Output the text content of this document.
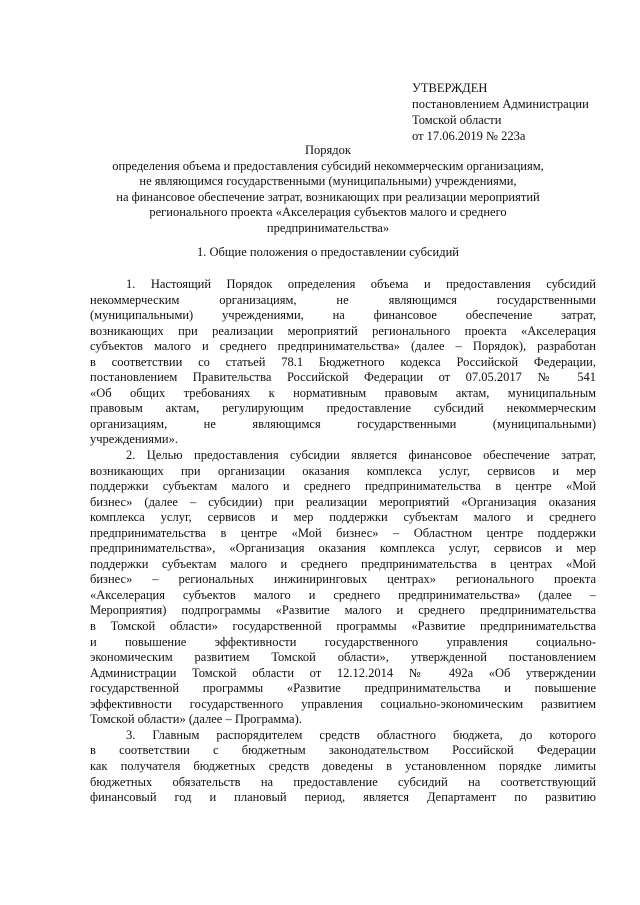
УТВЕРЖДЕН
постановлением Администрации
Томской области
от 17.06.2019 № 223а
Порядок
определения объема и предоставления субсидий некоммерческим организациям,
не являющимся государственными (муниципальными) учреждениями,
на финансовое обеспечение затрат, возникающих при реализации мероприятий
регионального проекта «Акселерация субъектов малого и среднего
предпринимательства»
1. Общие положения о предоставлении субсидий
1. Настоящий Порядок определения объема и предоставления субсидий
некоммерческим организациям, не являющимся государственными
(муниципальными) учреждениями, на финансовое обеспечение затрат,
возникающих при реализации мероприятий регионального проекта «Акселерация
субъектов малого и среднего предпринимательства» (далее – Порядок), разработан
в соответствии со статьей 78.1 Бюджетного кодекса Российской Федерации,
постановлением Правительства Российской Федерации от 07.05.2017 № 541
«Об общих требованиях к нормативным правовым актам, муниципальным
правовым актам, регулирующим предоставление субсидий некоммерческим
организациям, не являющимся государственными (муниципальными)
учреждениями».
2. Целью предоставления субсидии является финансовое обеспечение затрат,
возникающих при организации оказания комплекса услуг, сервисов и мер
поддержки субъектам малого и среднего предпринимательства в центре «Мой
бизнес» (далее – субсидии) при реализации мероприятий «Организация оказания
комплекса услуг, сервисов и мер поддержки субъектам малого и среднего
предпринимательства в центре «Мой бизнес» – Областном центре поддержки
предпринимательства», «Организация оказания комплекса услуг, сервисов и мер
поддержки субъектам малого и среднего предпринимательства в центрах «Мой
бизнес» – региональных инжиниринговых центрах» регионального проекта
«Акселерация субъектов малого и среднего предпринимательства» (далее –
Мероприятия) подпрограммы «Развитие малого и среднего предпринимательства
в Томской области» государственной программы «Развитие предпринимательства
и повышение эффективности государственного управления социально-
экономическим развитием Томской области», утвержденной постановлением
Администрации Томской области от 12.12.2014 № 492а «Об утверждении
государственной программы «Развитие предпринимательства и повышение
эффективности государственного управления социально-экономическим развитием
Томской области» (далее – Программа).
3. Главным распорядителем средств областного бюджета, до которого
в соответствии с бюджетным законодательством Российской Федерации
как получателя бюджетных средств доведены в установленном порядке лимиты
бюджетных обязательств на предоставление субсидий на соответствующий
финансовый год и плановый период, является Департамент по развитию
